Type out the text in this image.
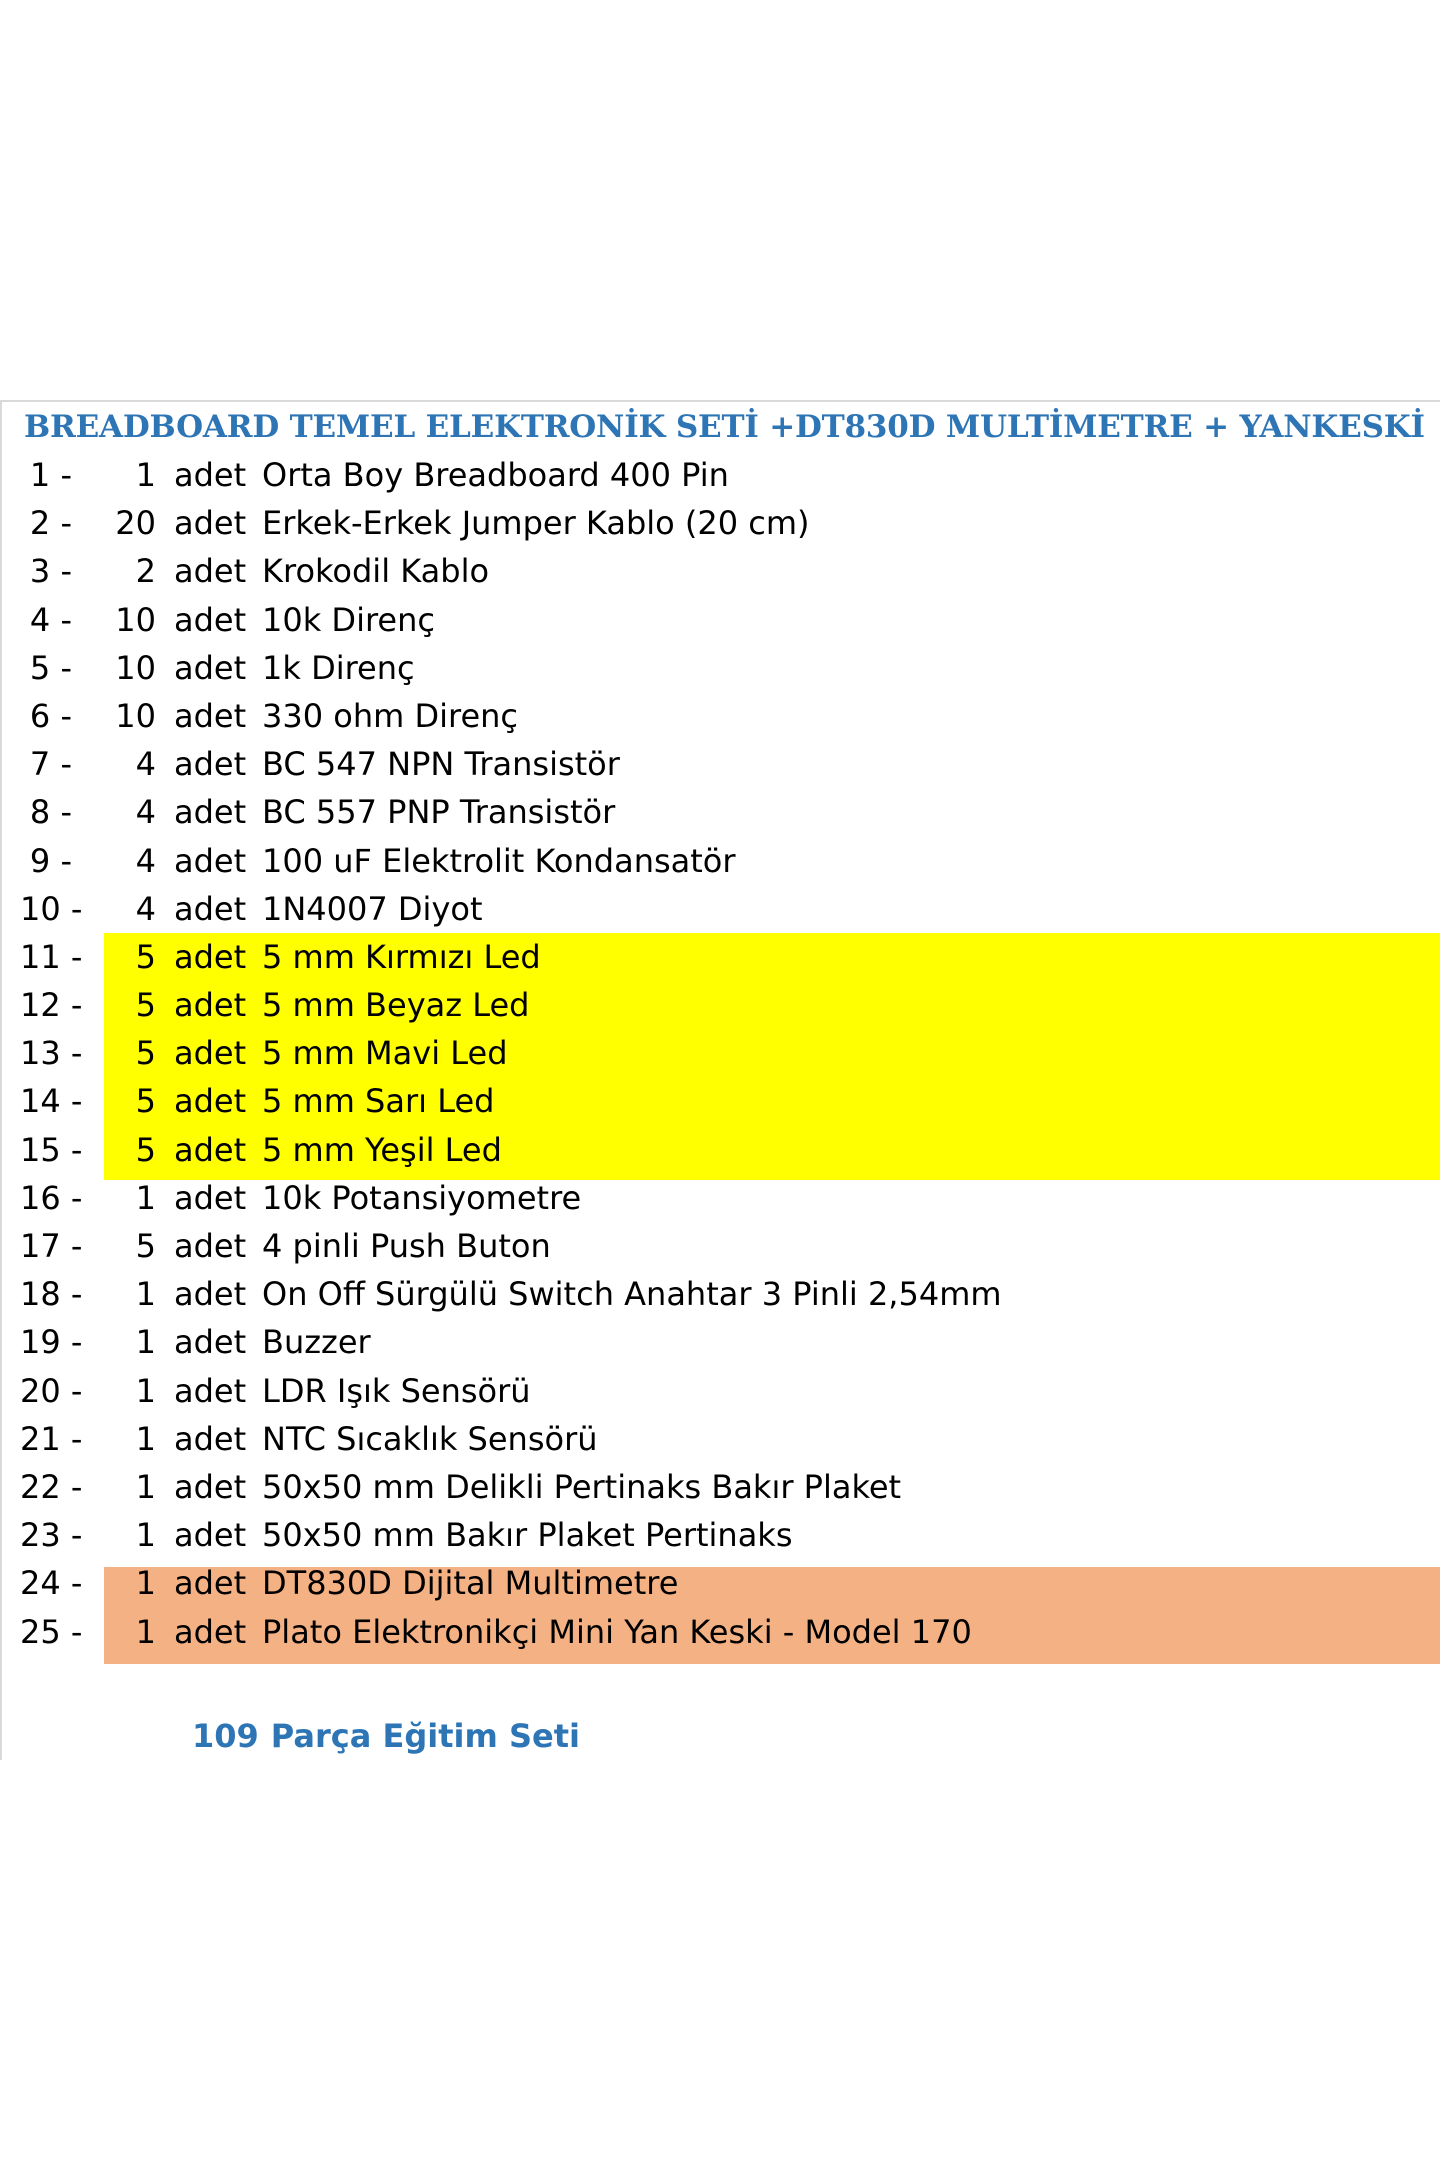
BREADBOARD TEMEL ELEKTRONİK SETİ +DT830D MULTİMETRE + YANKESKİ
1 -	1 adet Orta Boy Breadboard 400 Pin
2 -	20 adet Erkek-Erkek Jumper Kablo (20 cm)
3 -	2 adet Krokodil Kablo
4 -	10 adet 10k Direnç
5 -	10 adet 1k Direnç
6 -	10 adet 330 ohm Direnç
7 -	4 adet BC 547 NPN Transistör
8 -	4 adet BC 557 PNP Transistör
9 -	4 adet 100 uF Elektrolit Kondansatör
10 -	4 adet 1N4007 Diyot
11 -	5 adet 5 mm Kırmızı Led
12 -	5 adet 5 mm Beyaz Led
13 -	5 adet 5 mm Mavi Led
14 -	5 adet 5 mm Sarı Led
15 -	5 adet 5 mm Yeşil Led
16 -	1 adet 10k Potansiyometre
17 -	5 adet 4 pinli Push Buton
18 -	1 adet On Off Sürgülü Switch Anahtar 3 Pinli 2,54mm
19 -	1 adet Buzzer
20 -	1 adet LDR Işık Sensörü
21 -	1 adet NTC Sıcaklık Sensörü
22 -	1 adet 50x50 mm Delikli Pertinaks Bakır Plaket
23 -	1 adet 50x50 mm Bakır Plaket Pertinaks
24 -	1 adet DT830D Dijital Multimetre
25 -	1 adet Plato Elektronikçi Mini Yan Keski - Model 170
109 Parça Eğitim Seti
